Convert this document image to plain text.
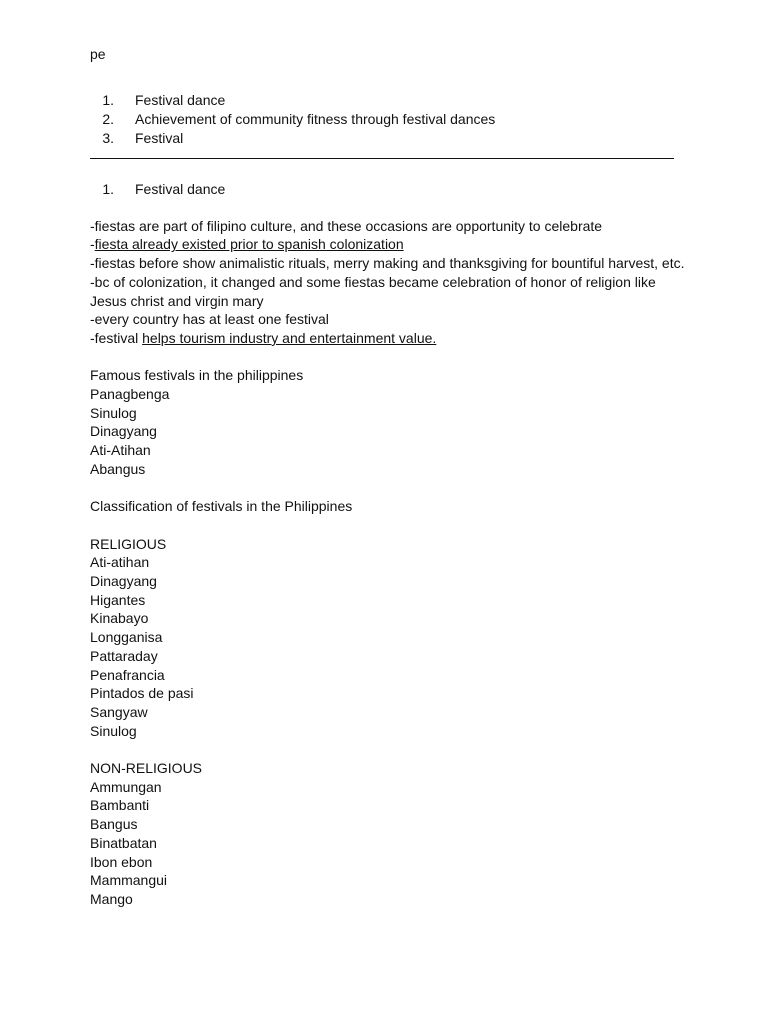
pe
1. Festival dance
2. Achievement of community fitness through festival dances
3. Festival
1. Festival dance
-fiestas are part of filipino culture, and these occasions are opportunity to celebrate
-fiesta already existed prior to spanish colonization
-fiestas before show animalistic rituals, merry making and thanksgiving for bountiful harvest, etc.
-bc of colonization, it changed and some fiestas became celebration of honor of religion like
Jesus christ and virgin mary
-every country has at least one festival
-festival helps tourism industry and entertainment value.
Famous festivals in the philippines
Panagbenga
Sinulog
Dinagyang
Ati-Atihan
Abangus
Classification of festivals in the Philippines
RELIGIOUS
Ati-atihan
Dinagyang
Higantes
Kinabayo
Longganisa
Pattaraday
Penafrancia
Pintados de pasi
Sangyaw
Sinulog
NON-RELIGIOUS
Ammungan
Bambanti
Bangus
Binatbatan
Ibon ebon
Mammangui
Mango
